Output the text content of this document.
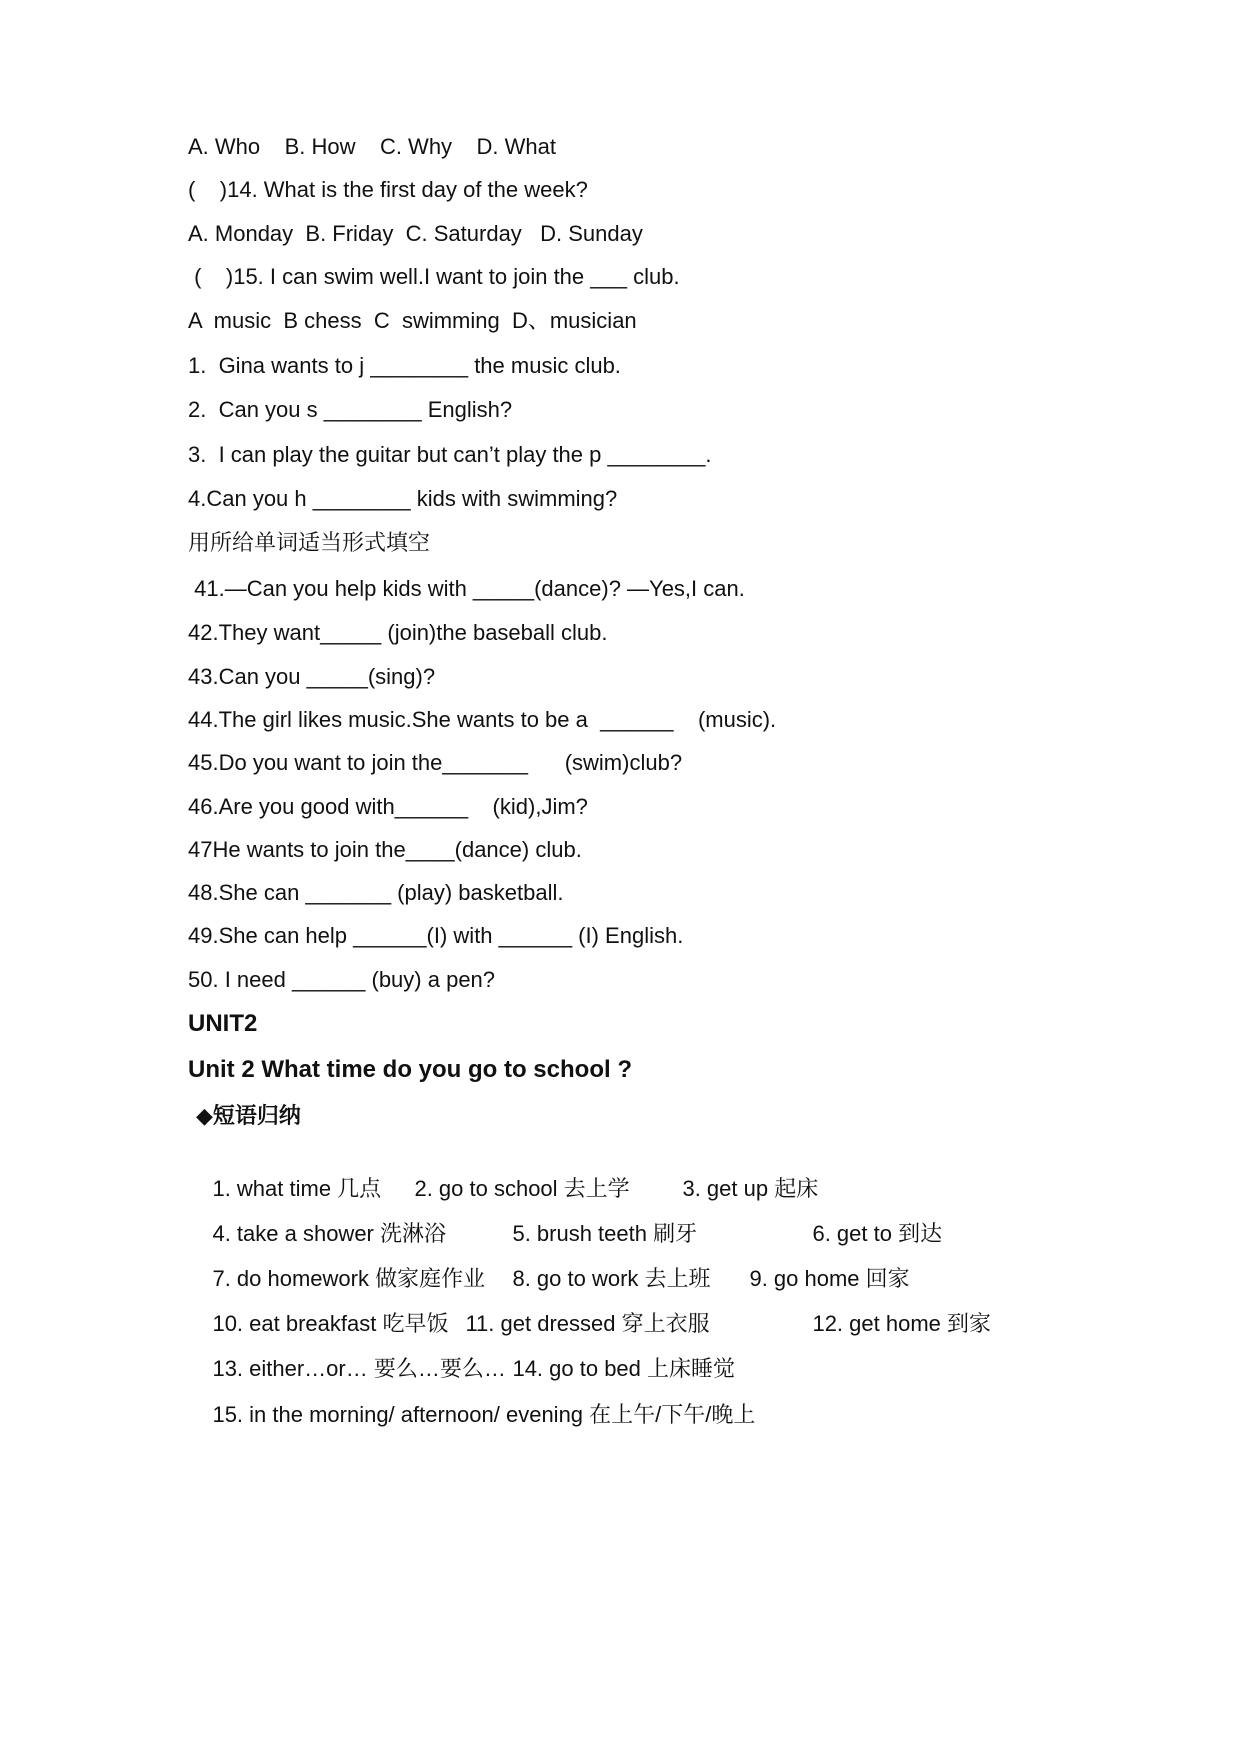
A. Who    B. How    C. Why    D. What

(    )14. What is the first day of the week?

A. Monday  B. Friday  C. Saturday   D. Sunday

(    )15. I can swim well.I want to join the ___ club.

A  music  B chess  C  swimming  D、musician

1.  Gina wants to j ________ the music club.

2.  Can you s ________ English?

3.  I can play the guitar but can’t play the p ________.

4.Can you h ________ kids with swimming?

用所给单词适当形式填空

41.—Can you help kids with _____(dance)? —Yes,I can.

42.They want_____ (join)the baseball club.

43.Can you _____(sing)?

44.The girl likes music.She wants to be a  ______    (music).

45.Do you want to join the_______      (swim)club?

46.Are you good with______    (kid),Jim?

47He wants to join the____(dance) club.

48.She can _______ (play) basketball.

49.She can help ______(I) with ______ (I) English.

50. I need ______ (buy) a pen?

UNIT2

Unit 2 What time do you go to school ?

◆短语归纳

1. what time 几点 2. go to school 去上学 3. get up 起床

4. take a shower 洗淋浴	5. brush teeth 刷牙	6. get to 到达

7. do homework 做家庭作业 8. go to work 去上班 9. go home 回家

10. eat breakfast 吃早饭 11. get dressed 穿上衣服	12. get home 到家

13. either…or… 要么…要么… 14. go to bed 上床睡觉

15. in the morning/ afternoon/ evening 在上午/下午/晚上
